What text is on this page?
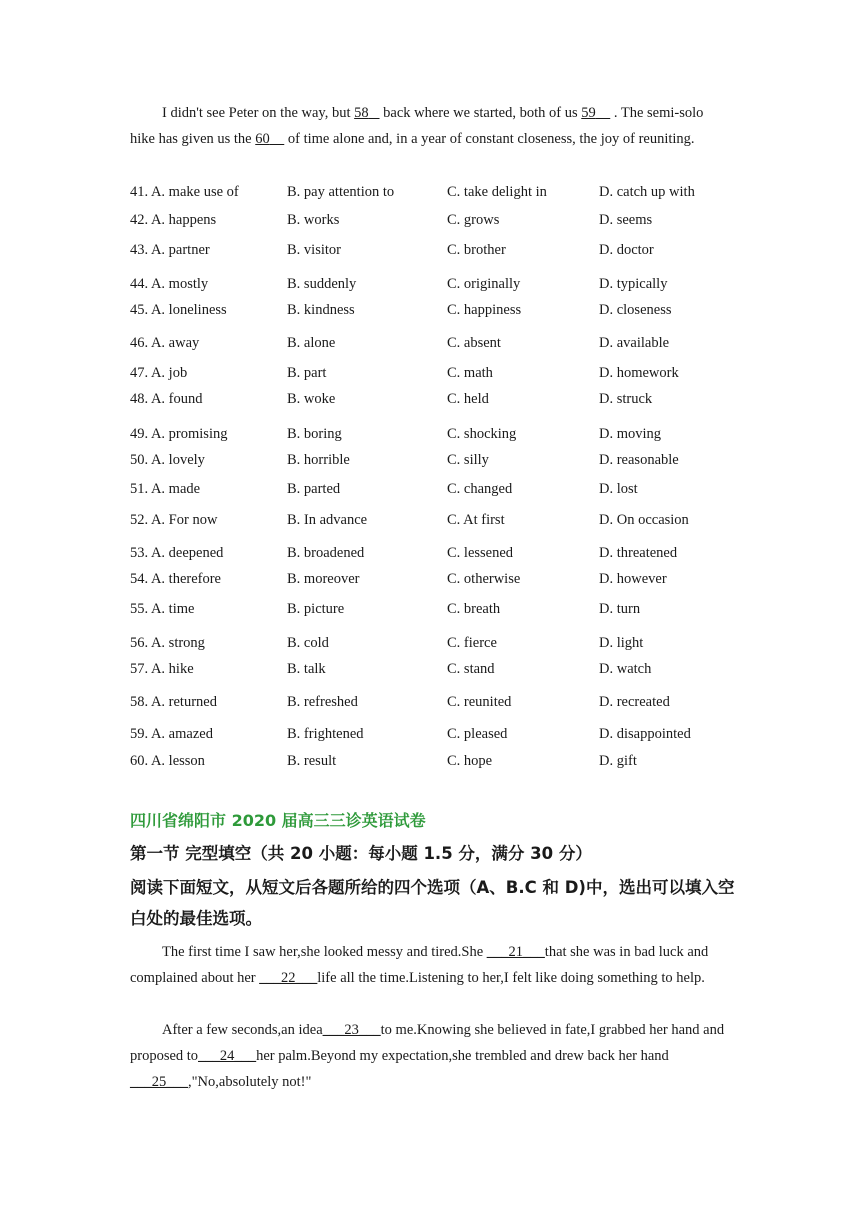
I didn't see Peter on the way, but 58    back where we started, both of us 59     . The semi-solo hike has given us the 60     of time alone and, in a year of constant closeness, the joy of reuniting.

41. A. make use of	B. pay attention to	C. take delight in	D. catch up with
42. A. happens	B. works	C. grows	D. seems
43. A. partner	B. visitor	C. brother	D. doctor
44. A. mostly	B. suddenly	C. originally	D. typically
45. A. loneliness	B. kindness	C. happiness	D. closeness
46. A. away	B. alone	C. absent	D. available
47. A. job	B. part	C. math	D. homework
48. A. found	B. woke	C. held	D. struck
49. A. promising	B. boring	C. shocking	D. moving
50. A. lovely	B. horrible	C. silly	D. reasonable
51. A. made	B. parted	C. changed	D. lost
52. A. For now	B. In advance	C. At first	D. On occasion
53. A. deepened	B. broadened	C. lessened	D. threatened
54. A. therefore	B. moreover	C. otherwise	D. however
55. A. time	B. picture	C. breath	D. turn
56. A. strong	B. cold	C. fierce	D. light
57. A. hike	B. talk	C. stand	D. watch
58. A. returned	B. refreshed	C. reunited	D. recreated
59. A. amazed	B. frightened	C. pleased	D. disappointed
60. A. lesson	B. result	C. hope	D. gift
四川省绵阳市 2020 届高三三诊英语试卷
第一节 完型填空（共 20 小题：每小题 1.5 分，满分 30 分）
阅读下面短文，从短文后各题所给的四个选项（A、B.C 和 D)中，选出可以填入空白处的最佳选项。

The first time I saw her,she looked messy and tired.She ___21___that she was in bad luck and complained about her ___22___life all the time.Listening to her,I felt like doing something to help.

After a few seconds,an idea___23___to me.Knowing she believed in fate,I grabbed her hand and proposed to___24___her palm.Beyond my expectation,she trembled and drew back her hand ___25___,"No,absolutely not!"
